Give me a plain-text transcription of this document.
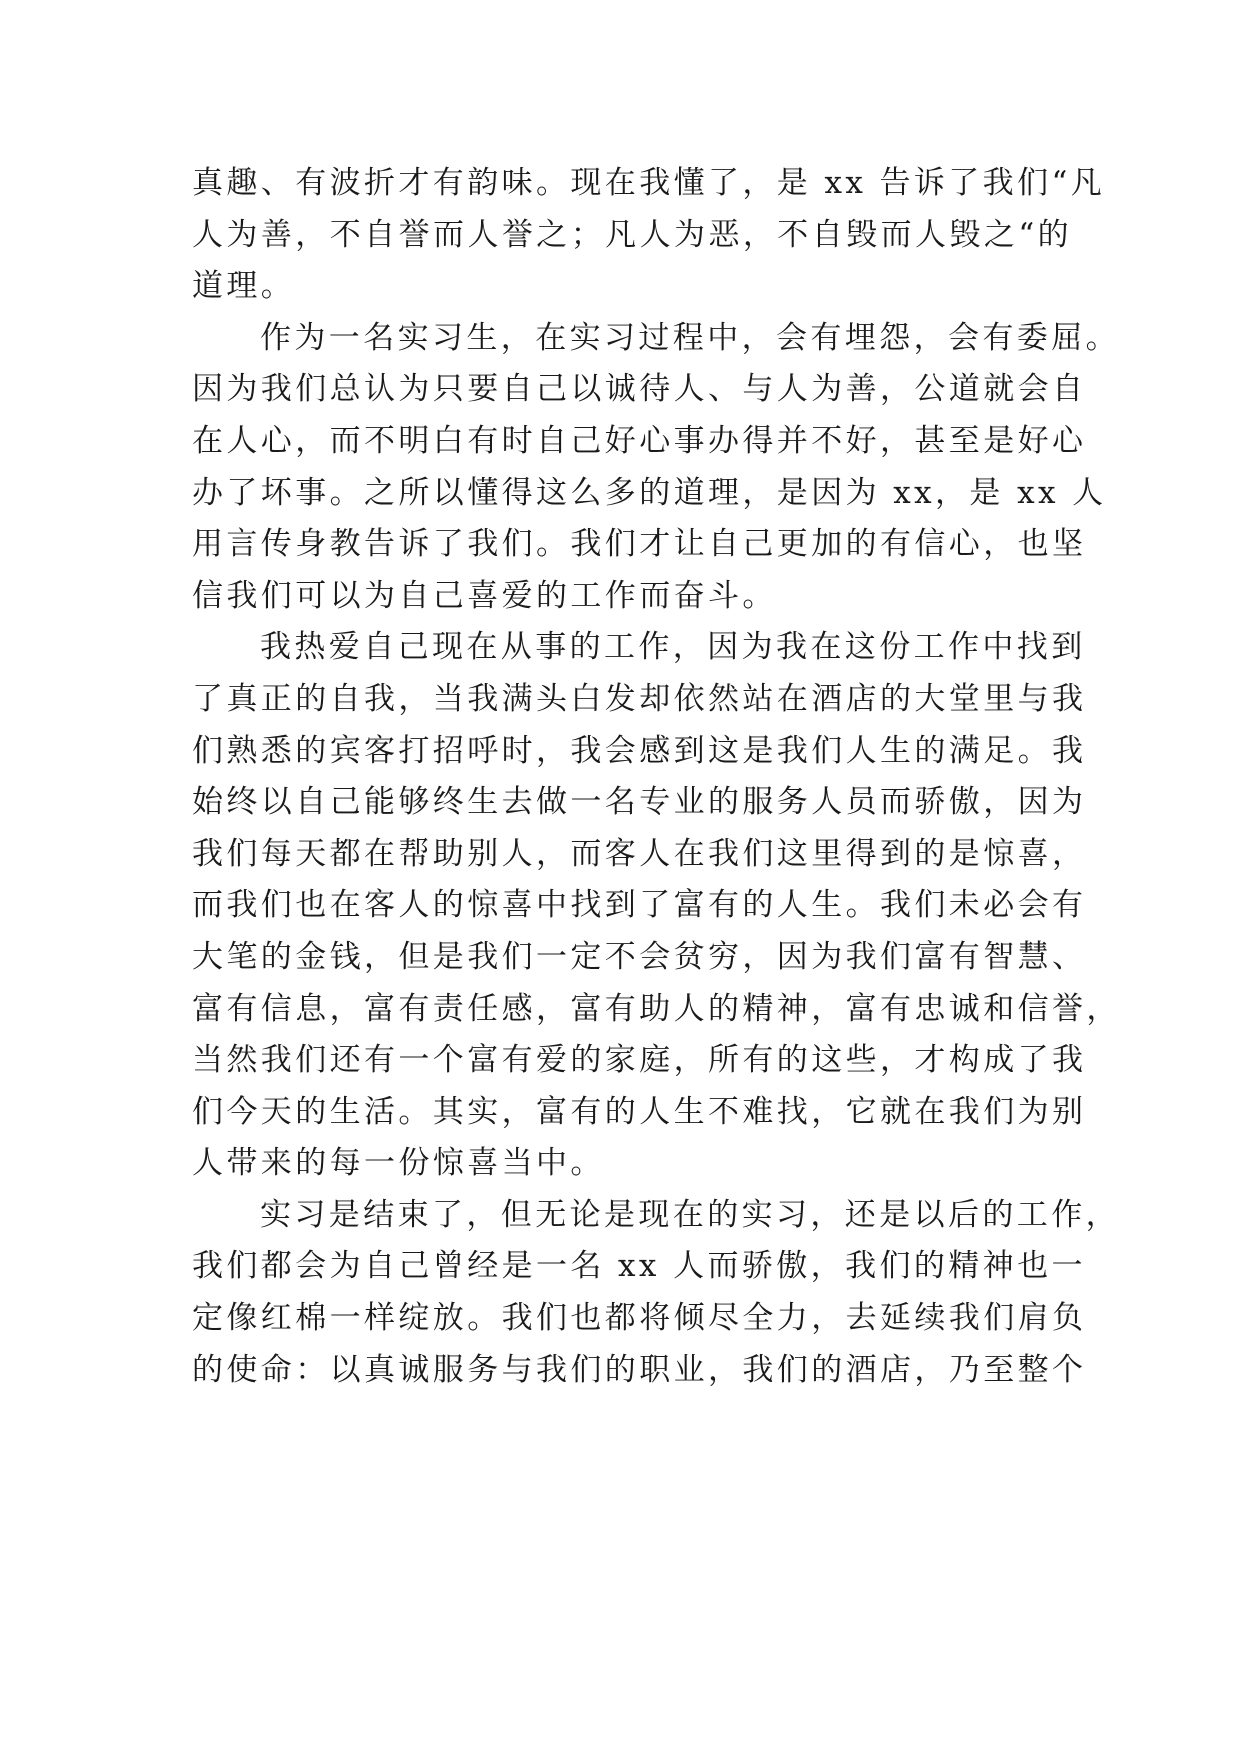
真趣、有波折才有韵味。现在我懂了，是 xx 告诉了我们“凡
人为善，不自誉而人誉之；凡人为恶，不自毁而人毁之“的
道理。
作为一名实习生，在实习过程中，会有埋怨，会有委屈。
因为我们总认为只要自己以诚待人、与人为善，公道就会自
在人心，而不明白有时自己好心事办得并不好，甚至是好心
办了坏事。之所以懂得这么多的道理，是因为 xx，是 xx 人
用言传身教告诉了我们。我们才让自己更加的有信心，也坚
信我们可以为自己喜爱的工作而奋斗。
我热爱自己现在从事的工作，因为我在这份工作中找到
了真正的自我，当我满头白发却依然站在酒店的大堂里与我
们熟悉的宾客打招呼时，我会感到这是我们人生的满足。我
始终以自己能够终生去做一名专业的服务人员而骄傲，因为
我们每天都在帮助别人，而客人在我们这里得到的是惊喜，
而我们也在客人的惊喜中找到了富有的人生。我们未必会有
大笔的金钱，但是我们一定不会贫穷，因为我们富有智慧、
富有信息，富有责任感，富有助人的精神，富有忠诚和信誉，
当然我们还有一个富有爱的家庭，所有的这些，才构成了我
们今天的生活。其实，富有的人生不难找，它就在我们为别
人带来的每一份惊喜当中。
实习是结束了，但无论是现在的实习，还是以后的工作，
我们都会为自己曾经是一名 xx 人而骄傲，我们的精神也一
定像红棉一样绽放。我们也都将倾尽全力，去延续我们肩负
的使命：以真诚服务与我们的职业，我们的酒店，乃至整个
